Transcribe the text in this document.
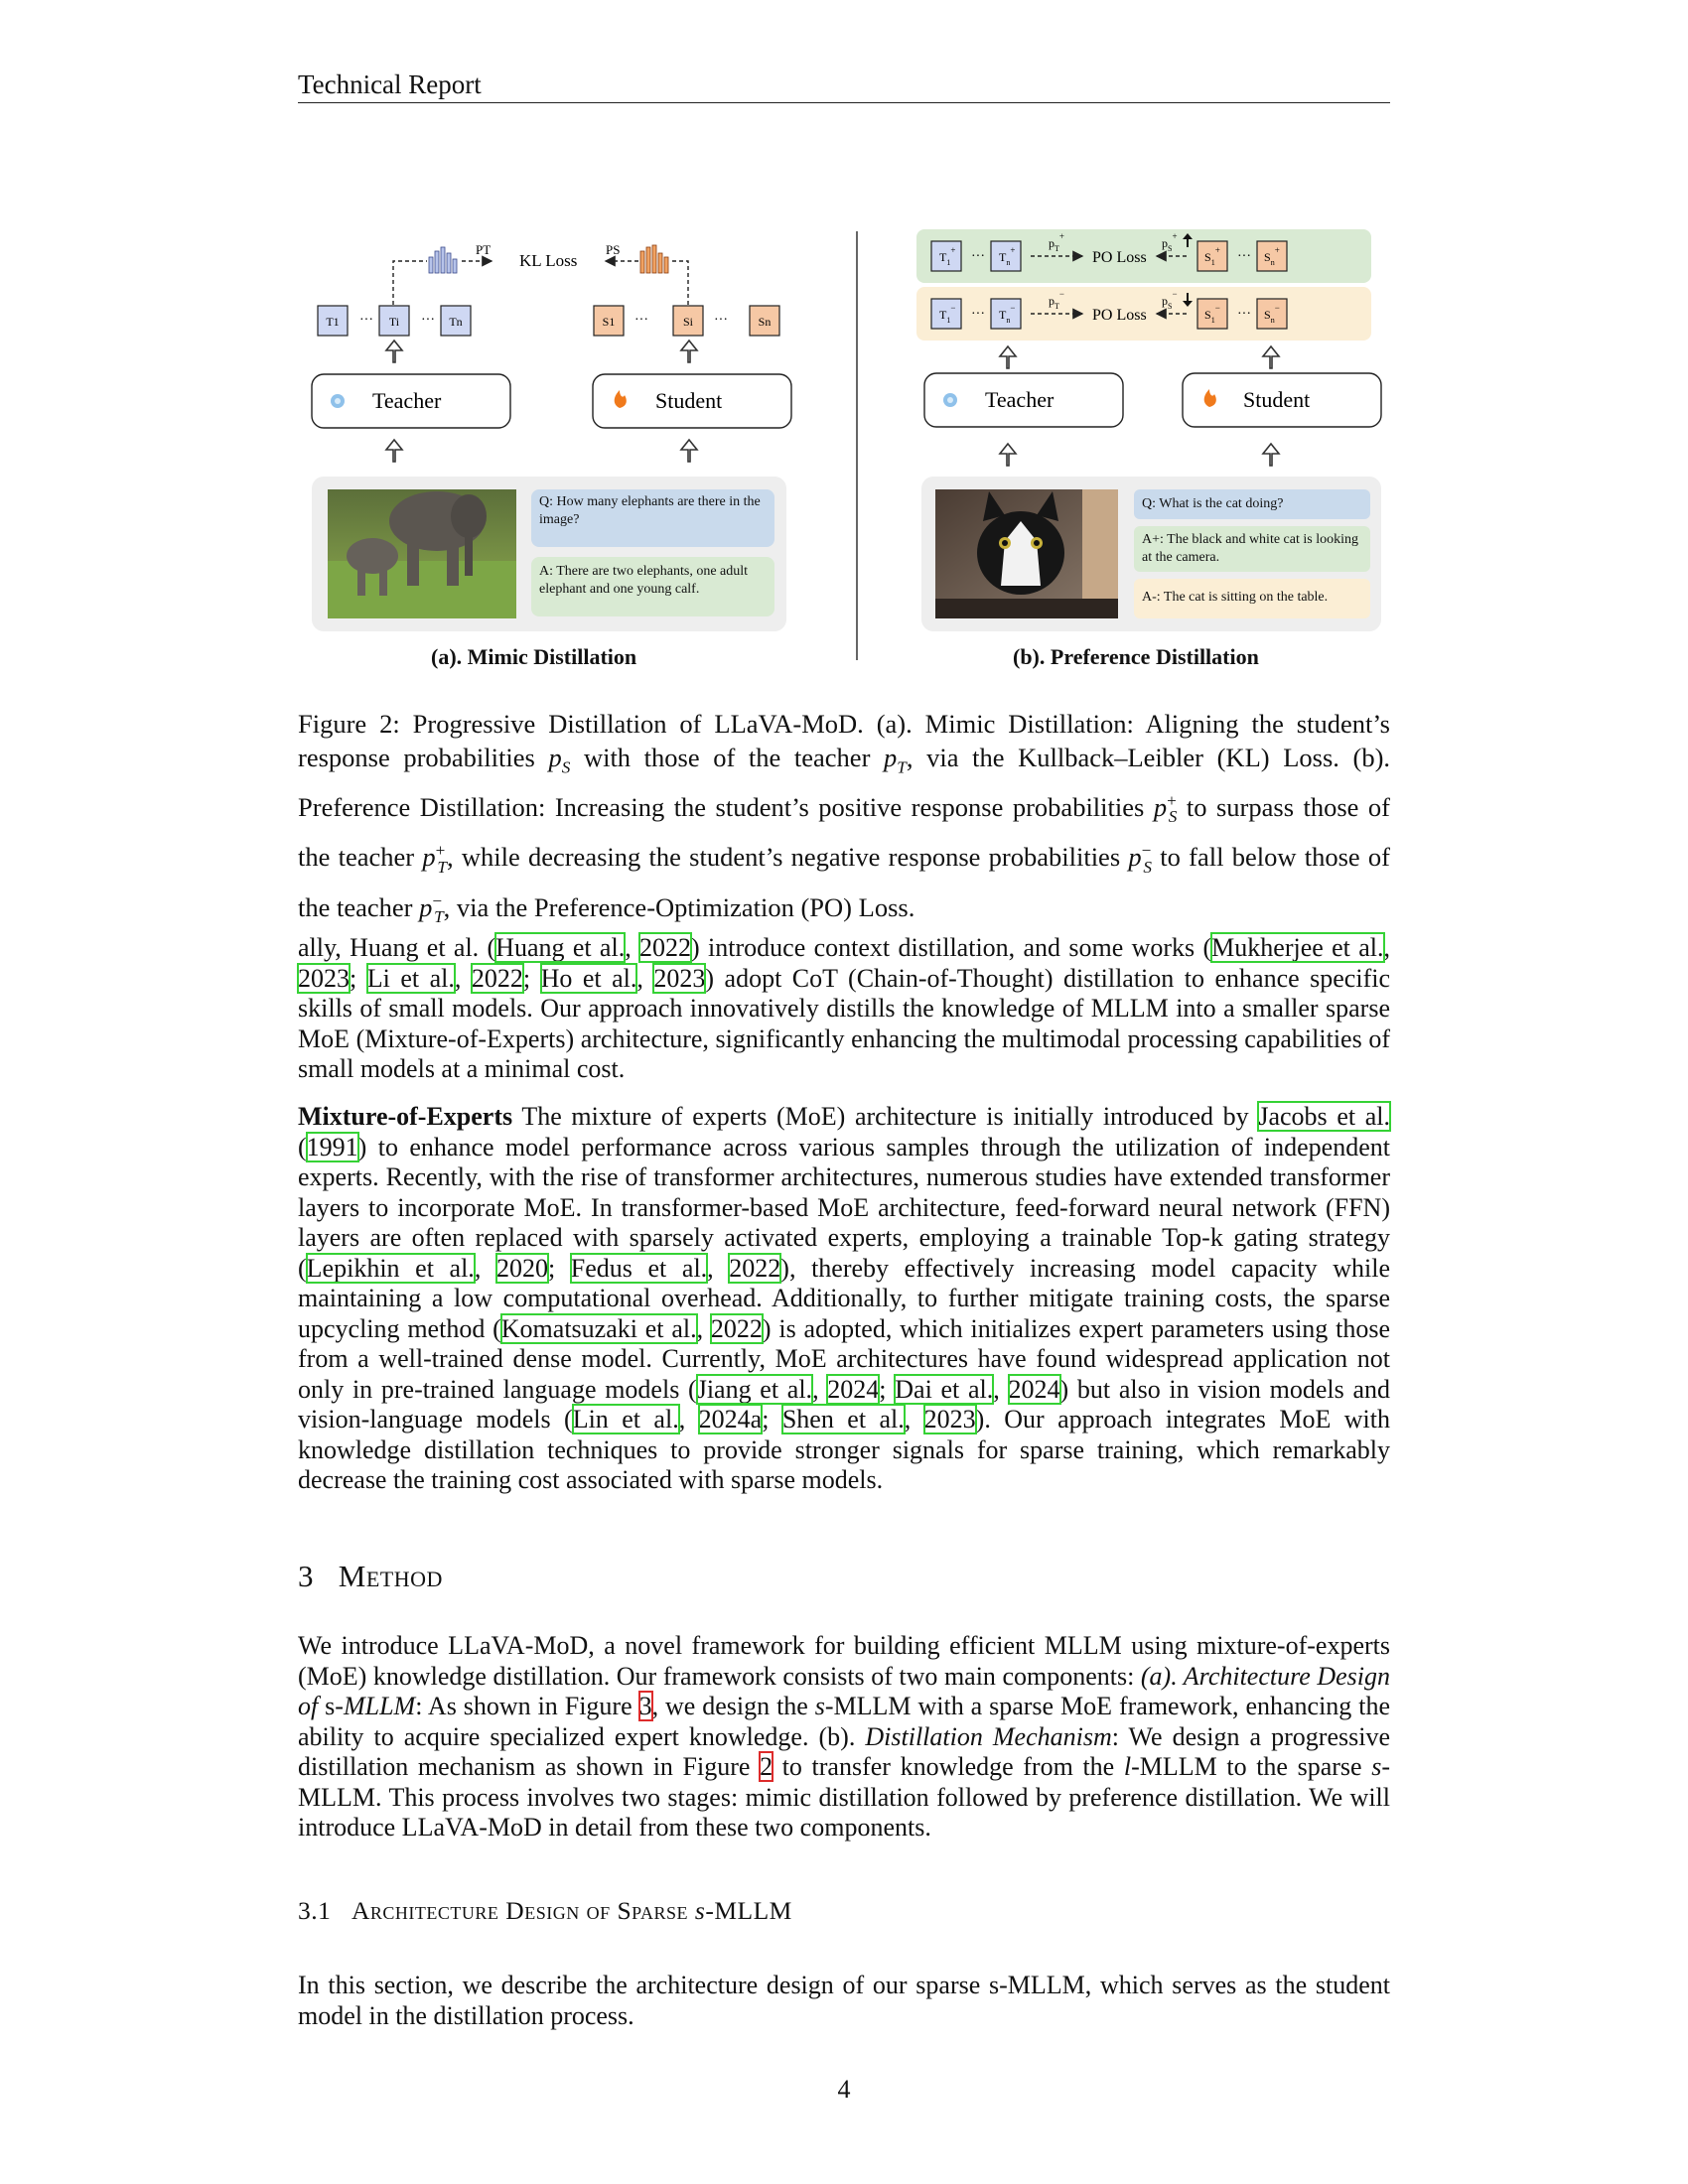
Technical Report
PT	PS
KL Loss
T1 ··· Ti ··· Tn	S1 ···	Si ···	Sn
Teacher	Student
Q: How many elephants are there in the image?
A: There are two elephants, one adult elephant and one young calf.
$T_1^+$ ··· $T_n^+$	$p_T^+$
PO Loss
$p_S^+$
$S_1^+$ ··· $S_n^+$
$T_1^-$ ··· $T_n^-$	$p_T^-$
PO Loss
$p_S^-$
$S_1^-$ ··· $S_n^-$
Teacher	Student
Q: What is the cat doing?
A+: The black and white cat is looking at the camera.
A-: The cat is sitting on the table.
(a). Mimic Distillation	(b). Preference Distillation
Figure 2: Progressive Distillation of LLaVA-MoD. (a). Mimic Distillation: Aligning the student’s response probabilities $p_S$ with those of the teacher $p_T$, via the Kullback–Leibler (KL) Loss. (b). Preference Distillation: Increasing the student’s positive response probabilities $p^+_S$ to surpass those of the teacher $p^+_T$, while decreasing the student’s negative response probabilities $p^-_S$ to fall below those of the teacher $p^-_T$, via the Preference-Optimization (PO) Loss.
ally, Huang et al. (Huang et al., 2022) introduce context distillation, and some works (Mukherjee et al., 2023; Li et al., 2022; Ho et al., 2023) adopt CoT (Chain-of-Thought) distillation to enhance specific skills of small models. Our approach innovatively distills the knowledge of MLLM into a smaller sparse MoE (Mixture-of-Experts) architecture, significantly enhancing the multimodal processing capabilities of small models at a minimal cost.
Mixture-of-Experts The mixture of experts (MoE) architecture is initially introduced by Jacobs et al. (1991) to enhance model performance across various samples through the utilization of independent experts. Recently, with the rise of transformer architectures, numerous studies have extended transformer layers to incorporate MoE. In transformer-based MoE architecture, feed-forward neural network (FFN) layers are often replaced with sparsely activated experts, employing a trainable Top-k gating strategy (Lepikhin et al., 2020; Fedus et al., 2022), thereby effectively increasing model capacity while maintaining a low computational overhead. Additionally, to further mitigate training costs, the sparse upcycling method (Komatsuzaki et al., 2022) is adopted, which initializes expert parameters using those from a well-trained dense model. Currently, MoE architectures have found widespread application not only in pre-trained language models (Jiang et al., 2024; Dai et al., 2024) but also in vision models and vision-language models (Lin et al., 2024a; Shen et al., 2023). Our approach integrates MoE with knowledge distillation techniques to provide stronger signals for sparse training, which remarkably decrease the training cost associated with sparse models.
3 Method
We introduce LLaVA-MoD, a novel framework for building efficient MLLM using mixture-of-experts (MoE) knowledge distillation. Our framework consists of two main components: (a). Architecture Design of s-MLLM: As shown in Figure 3, we design the s-MLLM with a sparse MoE framework, enhancing the ability to acquire specialized expert knowledge. (b). Distillation Mechanism: We design a progressive distillation mechanism as shown in Figure 2 to transfer knowledge from the l-MLLM to the sparse s-MLLM. This process involves two stages: mimic distillation followed by preference distillation. We will introduce LLaVA-MoD in detail from these two components.
3.1 Architecture Design of Sparse s-MLLM
In this section, we describe the architecture design of our sparse s-MLLM, which serves as the student model in the distillation process.
4
